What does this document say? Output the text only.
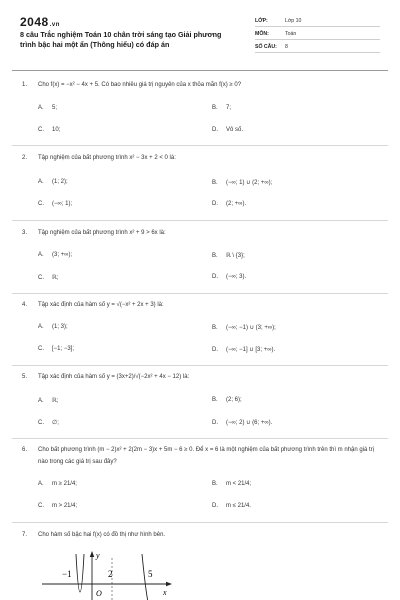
2048.vn
8 câu Trắc nghiệm Toán 10 chân trời sáng tạo Giải phương trình bậc hai một ẩn (Thông hiểu) có đáp án
LỚP:	Lớp 10
MÔN:	Toán
SỐ CÂU: 8
1. Cho f(x) = −x² − 4x + 5. Có bao nhiêu giá trị nguyên của x thỏa mãn f(x) ≥ 0?
A. 5;	B. 7;
C. 10;	D. Vô số.
2. Tập nghiệm của bất phương trình x² − 3x + 2 < 0 là:
A. (1; 2);	B. (−∞; 1) ∪ (2; +∞);
C. (−∞; 1);	D. (2; +∞).
3. Tập nghiệm của bất phương trình x² + 9 > 6x là:
A. (3; +∞);	B. ℝ \ {3};
C. ℝ;	D. (−∞; 3).
4. Tập xác định của hàm số y = √(−x² + 2x + 3) là:
A. (1; 3);	B. (−∞; −1) ∪ (3; +∞);
C. [−1; −3];	D. (−∞; −1] ∪ [3; +∞).
5. Tập xác định của hàm số y = (3x+2)/√(−2x² + 4x − 12) là:
A. ℝ;	B. (2; 6);
C. ∅;	D. (−∞; 2) ∪ (6; +∞).
6. Cho bất phương trình (m − 2)x² + 2(2m − 3)x + 5m − 6 ≥ 0. Để x = 6 là một nghiệm của bất phương trình trên thì m nhận giá trị nào trong các giá trị sau đây?
A. m ≥ 21/4;	B. m < 21/4;
C. m > 21/4;	D. m ≤ 21/4.
7. Cho hàm số bậc hai f(x) có đồ thị như hình bên.
y
x
O
−1	2	5
